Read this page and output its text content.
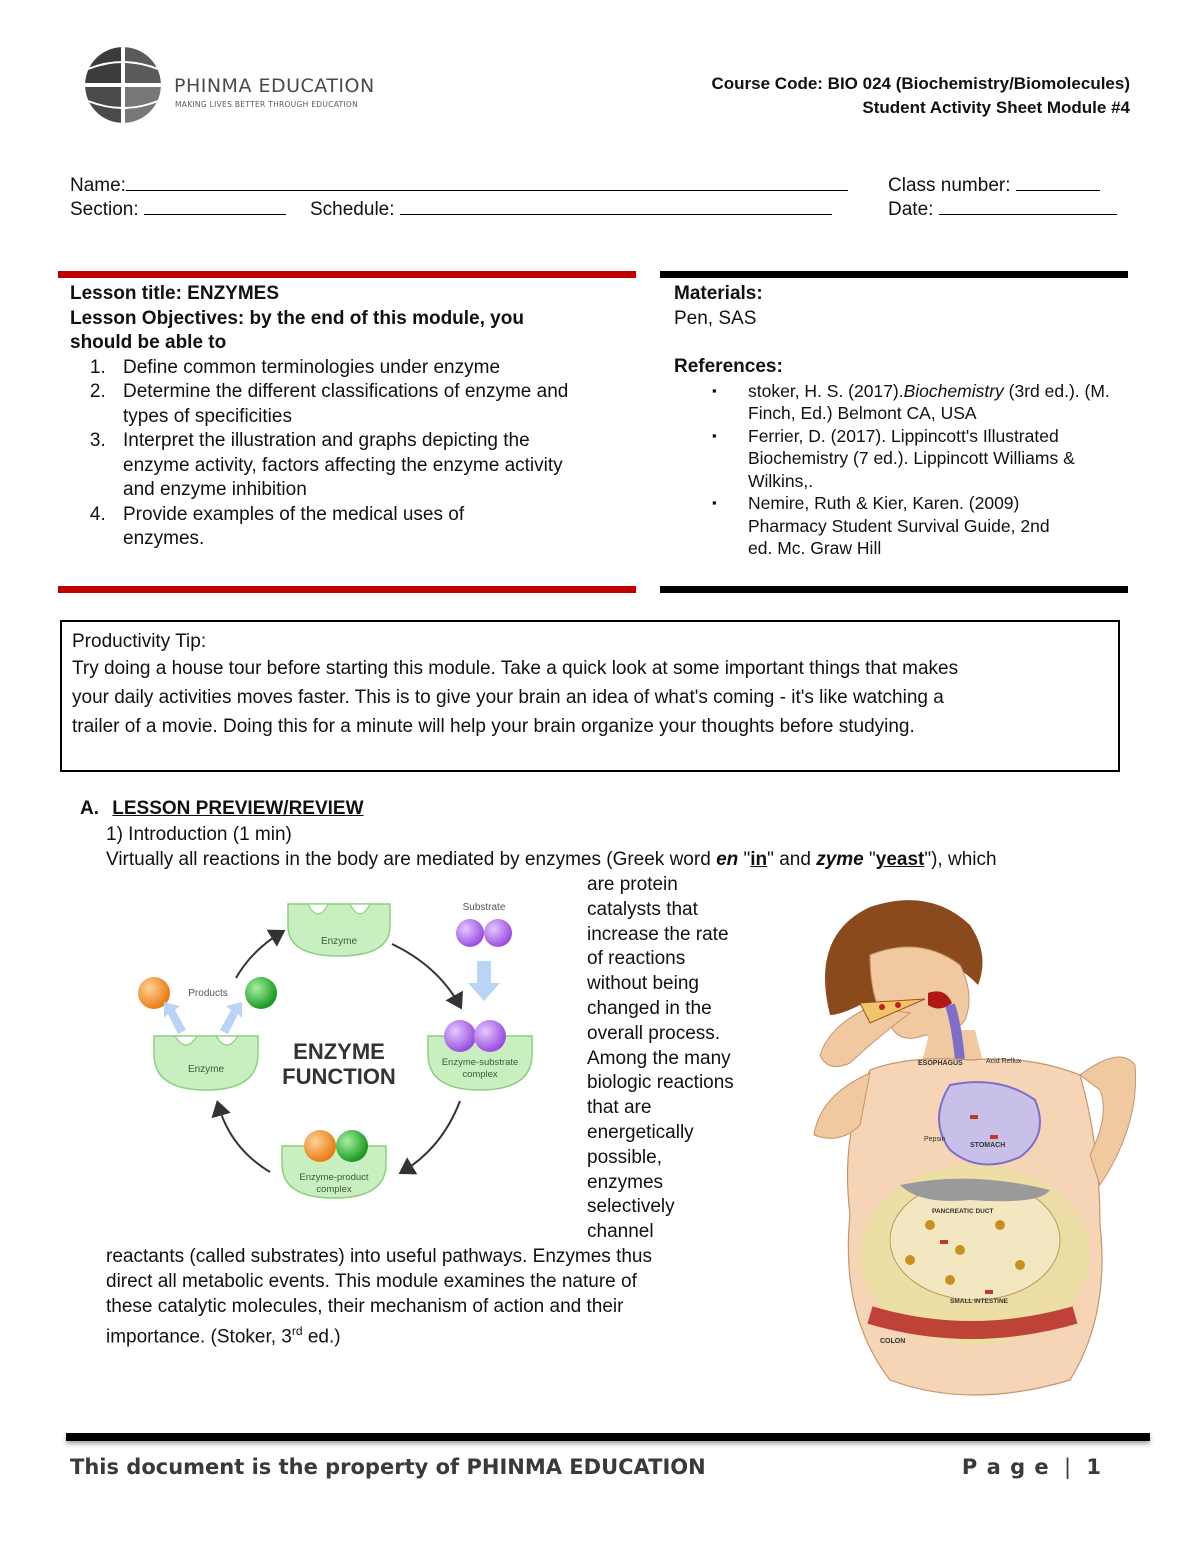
PHINMA EDUCATION
MAKING LIVES BETTER THROUGH EDUCATION
Course Code: BIO 024 (Biochemistry/Biomolecules)
Student Activity Sheet Module #4
Name:	Class number:
Section:	Schedule:	Date:
Lesson title: ENZYMES
Lesson Objectives: by the end of this module, you
should be able to
1. Define common terminologies under enzyme
2. Determine the different classifications of enzyme and types of specificities
3. Interpret the illustration and graphs depicting the enzyme activity, factors affecting the enzyme activity and enzyme inhibition
4. Provide examples of the medical uses of enzymes.
Materials:
Pen, SAS
References:
▪ stoker, H. S. (2017).Biochemistry (3rd ed.). (M. Finch, Ed.) Belmont CA, USA
▪ Ferrier, D. (2017). Lippincott's Illustrated Biochemistry (7 ed.). Lippincott Williams & Wilkins,.
▪ Nemire, Ruth & Kier, Karen. (2009) Pharmacy Student Survival Guide, 2nd ed. Mc. Graw Hill
Productivity Tip:
Try doing a house tour before starting this module. Take a quick look at some important things that makes
your daily activities moves faster. This is to give your brain an idea of what's coming - it's like watching a
trailer of a movie. Doing this for a minute will help your brain organize your thoughts before studying.
A. LESSON PREVIEW/REVIEW
1) Introduction (1 min)
Virtually all reactions in the body are mediated by enzymes (Greek word en "in" and zyme "yeast"), which
are protein
catalysts that
increase the rate
of reactions
without being
changed in the
overall process.
Among the many
biologic reactions
that are
energetically
possible,
enzymes
selectively
channel
reactants (called substrates) into useful pathways. Enzymes thus
direct all metabolic events. This module examines the nature of
these catalytic molecules, their mechanism of action and their
importance. (Stoker, 3rd ed.)
Enzyme
Substrate
Enzyme-substrate
complex
Enzyme-product
complex
Enzyme
Products
ENZYME
FUNCTION
ESOPHAGUS	Acid Reflux
Pepsin
STOMACH
PANCREATIC DUCT
SMALL INTESTINE
COLON
This document is the property of PHINMA EDUCATION	P a g e | 1
